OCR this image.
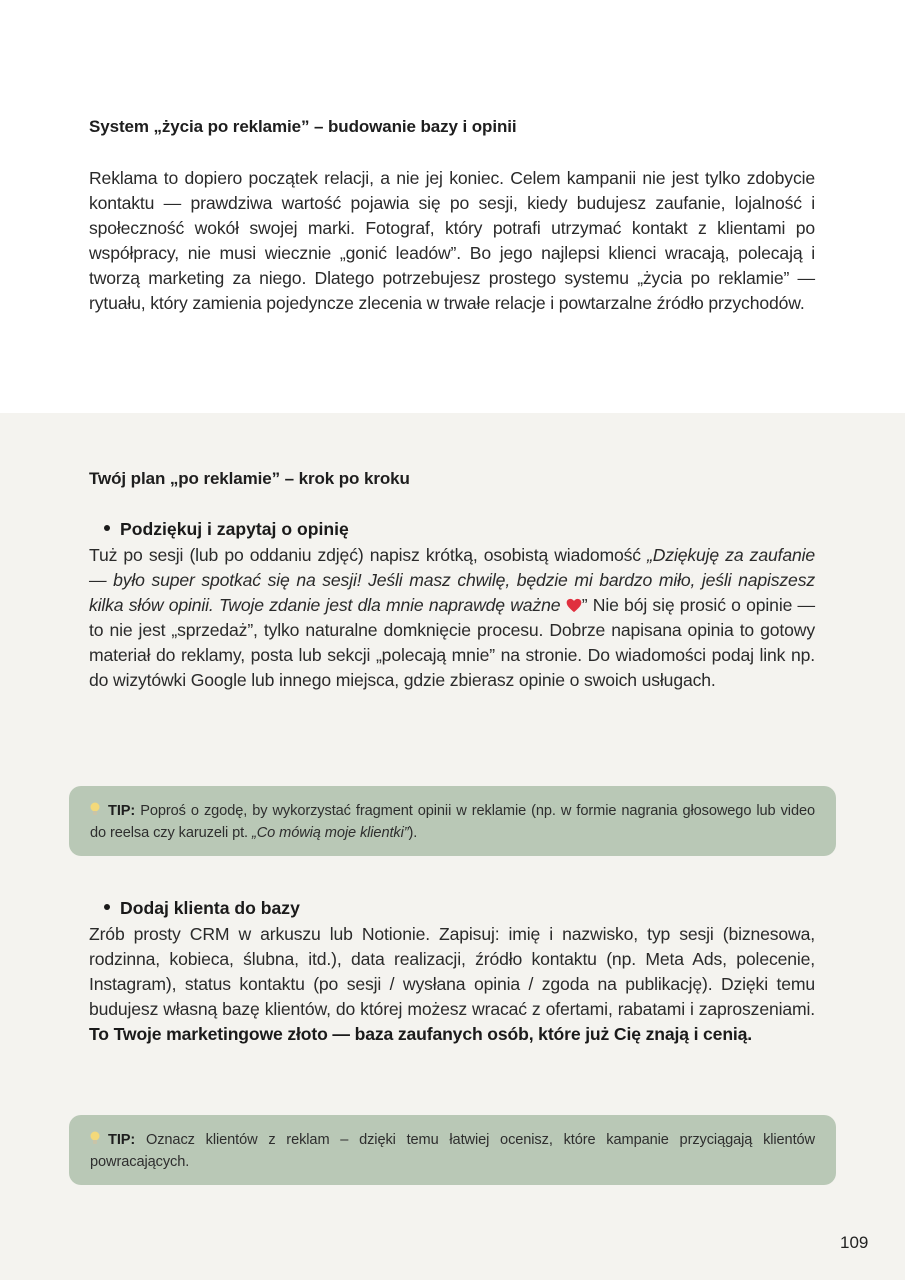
System „życia po reklamie” – budowanie bazy i opinii
Reklama to dopiero początek relacji, a nie jej koniec. Celem kampanii nie jest tylko zdobycie kontaktu — prawdziwa wartość pojawia się po sesji, kiedy budujesz zaufanie, lojalność i społeczność wokół swojej marki. Fotograf, który potrafi utrzymać kontakt z klientami po współpracy, nie musi wiecznie „gonić leadów”. Bo jego najlepsi klienci wracają, polecają i tworzą marketing za niego. Dlatego potrzebujesz prostego systemu „życia po reklamie” — rytuału, który zamienia pojedyncze zlecenia w trwałe relacje i powtarzalne źródło przychodów.
Twój plan „po reklamie” – krok po kroku
Podziękuj i zapytaj o opinię
Tuż po sesji (lub po oddaniu zdjęć) napisz krótką, osobistą wiadomość „Dziękuję za zaufanie — było super spotkać się na sesji! Jeśli masz chwilę, będzie mi bardzo miło, jeśli napiszesz kilka słów opinii. Twoje zdanie jest dla mnie naprawdę ważne ” Nie bój się prosić o opinie — to nie jest „sprzedaż”, tylko naturalne domknięcie procesu. Dobrze napisana opinia to gotowy materiał do reklamy, posta lub sekcji „polecają mnie” na stronie. Do wiadomości podaj link np. do wizytówki Google lub innego miejsca, gdzie zbierasz opinie o swoich usługach.
TIP: Poproś o zgodę, by wykorzystać fragment opinii w reklamie (np. w formie nagrania głosowego lub video do reelsa czy karuzeli pt. „Co mówią moje klientki”).
Dodaj klienta do bazy
Zrób prosty CRM w arkuszu lub Notionie. Zapisuj: imię i nazwisko, typ sesji (biznesowa, rodzinna, kobieca, ślubna, itd.), data realizacji, źródło kontaktu (np. Meta Ads, polecenie, Instagram), status kontaktu (po sesji / wysłana opinia / zgoda na publikację). Dzięki temu budujesz własną bazę klientów, do której możesz wracać z ofertami, rabatami i zaproszeniami. To Twoje marketingowe złoto — baza zaufanych osób, które już Cię znają i cenią.
TIP: Oznacz klientów z reklam – dzięki temu łatwiej ocenisz, które kampanie przyciągają klientów powracających.
109
